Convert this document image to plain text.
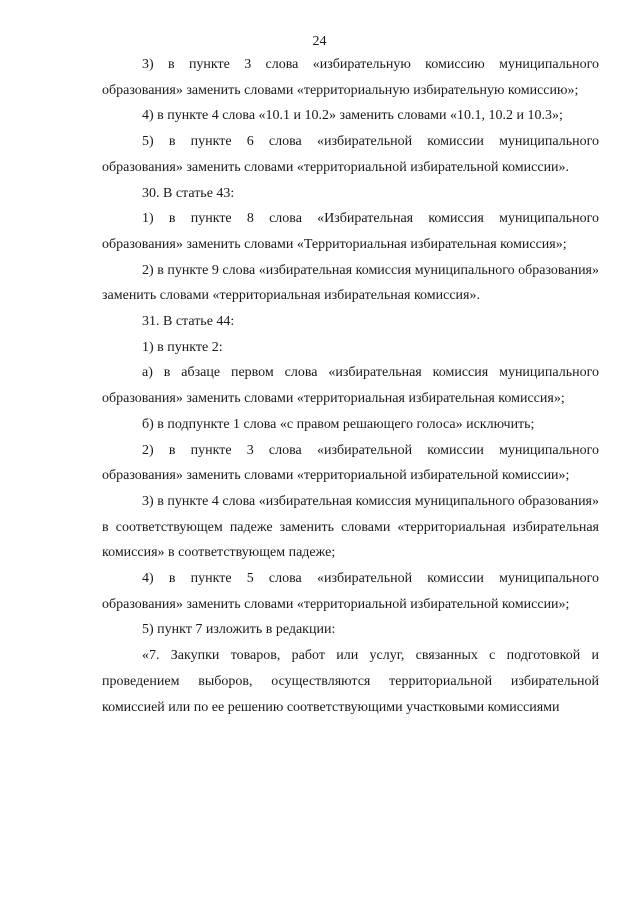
24

3) в пункте 3 слова «избирательную комиссию муниципального образования» заменить словами «территориальную избирательную комиссию»;

4) в пункте 4 слова «10.1 и 10.2» заменить словами «10.1, 10.2 и 10.3»;

5) в пункте 6 слова «избирательной комиссии муниципального образования» заменить словами «территориальной избирательной комиссии».

30. В статье 43:

1) в пункте 8 слова «Избирательная комиссия муниципального образования» заменить словами «Территориальная избирательная комиссия»;

2) в пункте 9 слова «избирательная комиссия муниципального образования» заменить словами «территориальная избирательная комиссия».

31. В статье 44:

1) в пункте 2:

а) в абзаце первом слова «избирательная комиссия муниципального образования» заменить словами «территориальная избирательная комиссия»;

б) в подпункте 1 слова «с правом решающего голоса» исключить;

2) в пункте 3 слова «избирательной комиссии муниципального образования» заменить словами «территориальной избирательной комиссии»;

3) в пункте 4 слова «избирательная комиссия муниципального образования» в соответствующем падеже заменить словами «территориальная избирательная комиссия» в соответствующем падеже;

4) в пункте 5 слова «избирательной комиссии муниципального образования» заменить словами «территориальной избирательной комиссии»;

5) пункт 7 изложить в редакции:

«7. Закупки товаров, работ или услуг, связанных с подготовкой и проведением выборов, осуществляются территориальной избирательной комиссией или по ее решению соответствующими участковыми комиссиями
